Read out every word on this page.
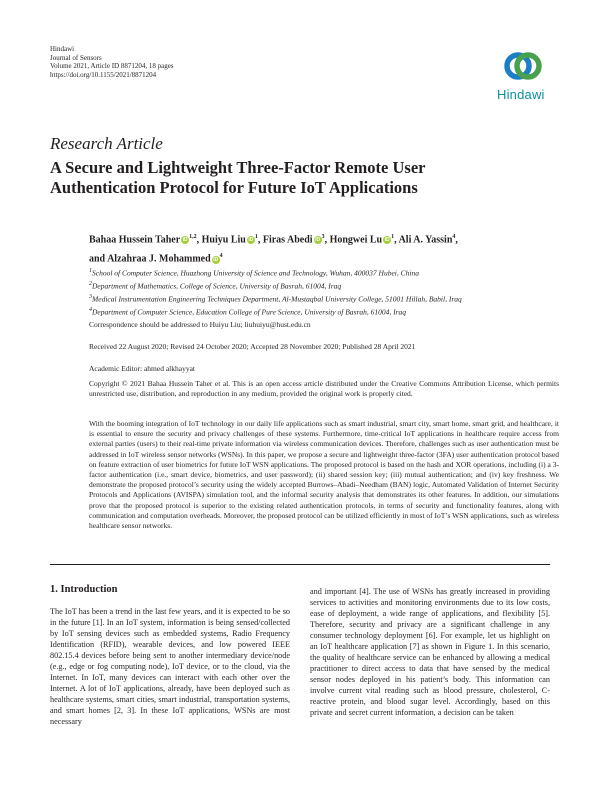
Hindawi
Journal of Sensors
Volume 2021, Article ID 8871204, 18 pages
https://doi.org/10.1155/2021/8871204
Hindawi
Research Article
A Secure and Lightweight Three-Factor Remote User Authentication Protocol for Future IoT Applications
Bahaa Hussein Taher iD$^{1,2}$, Huiyu Liu $iD^1$, Firas Abedi $iD^3$, Hongwei Lu $iD^1$, Ali A. Yassin$^4$,
and Alzahraa J. Mohammed $iD^4$
$^1$School of Computer Science, Huazhong University of Science and Technology, Wuhan, 400037 Hubei, China
$^2$Department of Mathematics, College of Science, University of Basrah, 61004, Iraq
$^3$Medical Instrumentation Engineering Techniques Department, Al-Mustaqbal University College, 51001 Hillah, Babil, Iraq
$^4$Department of Computer Science, Education College of Pure Science, University of Basrah, 61004, Iraq
Correspondence should be addressed to Huiyu Liu; liuhuiyu@hust.edu.cn
Received 22 August 2020; Revised 24 October 2020; Accepted 28 November 2020; Published 28 April 2021
Academic Editor: ahmed alkhayyat
Copyright © 2021 Bahaa Hussein Taher et al. This is an open access article distributed under the Creative Commons Attribution License, which permits unrestricted use, distribution, and reproduction in any medium, provided the original work is properly cited.
With the booming integration of IoT technology in our daily life applications such as smart industrial, smart city, smart home, smart grid, and healthcare, it is essential to ensure the security and privacy challenges of these systems. Furthermore, time-critical IoT applications in healthcare require access from external parties (users) to their real-time private information via wireless communication devices. Therefore, challenges such as user authentication must be addressed in IoT wireless sensor networks (WSNs). In this paper, we propose a secure and lightweight three-factor (3FA) user authentication protocol based on feature extraction of user biometrics for future IoT WSN applications. The proposed protocol is based on the hash and XOR operations, including (i) a 3-factor authentication (i.e., smart device, biometrics, and user password); (ii) shared session key; (iii) mutual authentication; and (iv) key freshness. We demonstrate the proposed protocol’s security using the widely accepted Burrows–Abadi–Needham (BAN) logic, Automated Validation of Internet Security Protocols and Applications (AVISPA) simulation tool, and the informal security analysis that demonstrates its other features. In addition, our simulations prove that the proposed protocol is superior to the existing related authentication protocols, in terms of security and functionality features, along with communication and computation overheads. Moreover, the proposed protocol can be utilized efficiently in most of IoT’s WSN applications, such as wireless healthcare sensor networks.
1. Introduction
The IoT has been a trend in the last few years, and it is expected to be so in the future [1]. In an IoT system, information is being sensed/collected by IoT sensing devices such as embedded systems, Radio Frequency Identification (RFID), wearable devices, and low powered IEEE 802.15.4 devices before being sent to another intermediary device/node (e.g., edge or fog computing node), IoT device, or to the cloud, via the Internet. In IoT, many devices can interact with each other over the Internet. A lot of IoT applications, already, have been deployed such as healthcare systems, smart cities, smart industrial, transportation systems, and smart homes [2, 3]. In these IoT applications, WSNs are most necessary
and important [4]. The use of WSNs has greatly increased in providing services to activities and monitoring environments due to its low costs, ease of deployment, a wide range of applications, and flexibility [5]. Therefore, security and privacy are a significant challenge in any consumer technology deployment [6]. For example, let us highlight on an IoT healthcare application [7] as shown in Figure 1. In this scenario, the quality of healthcare service can be enhanced by allowing a medical practitioner to direct access to data that have sensed by the medical sensor nodes deployed in his patient’s body. This information can involve current vital reading such as blood pressure, cholesterol, C-reactive protein, and blood sugar level. Accordingly, based on this private and secret current information, a decision can be taken
